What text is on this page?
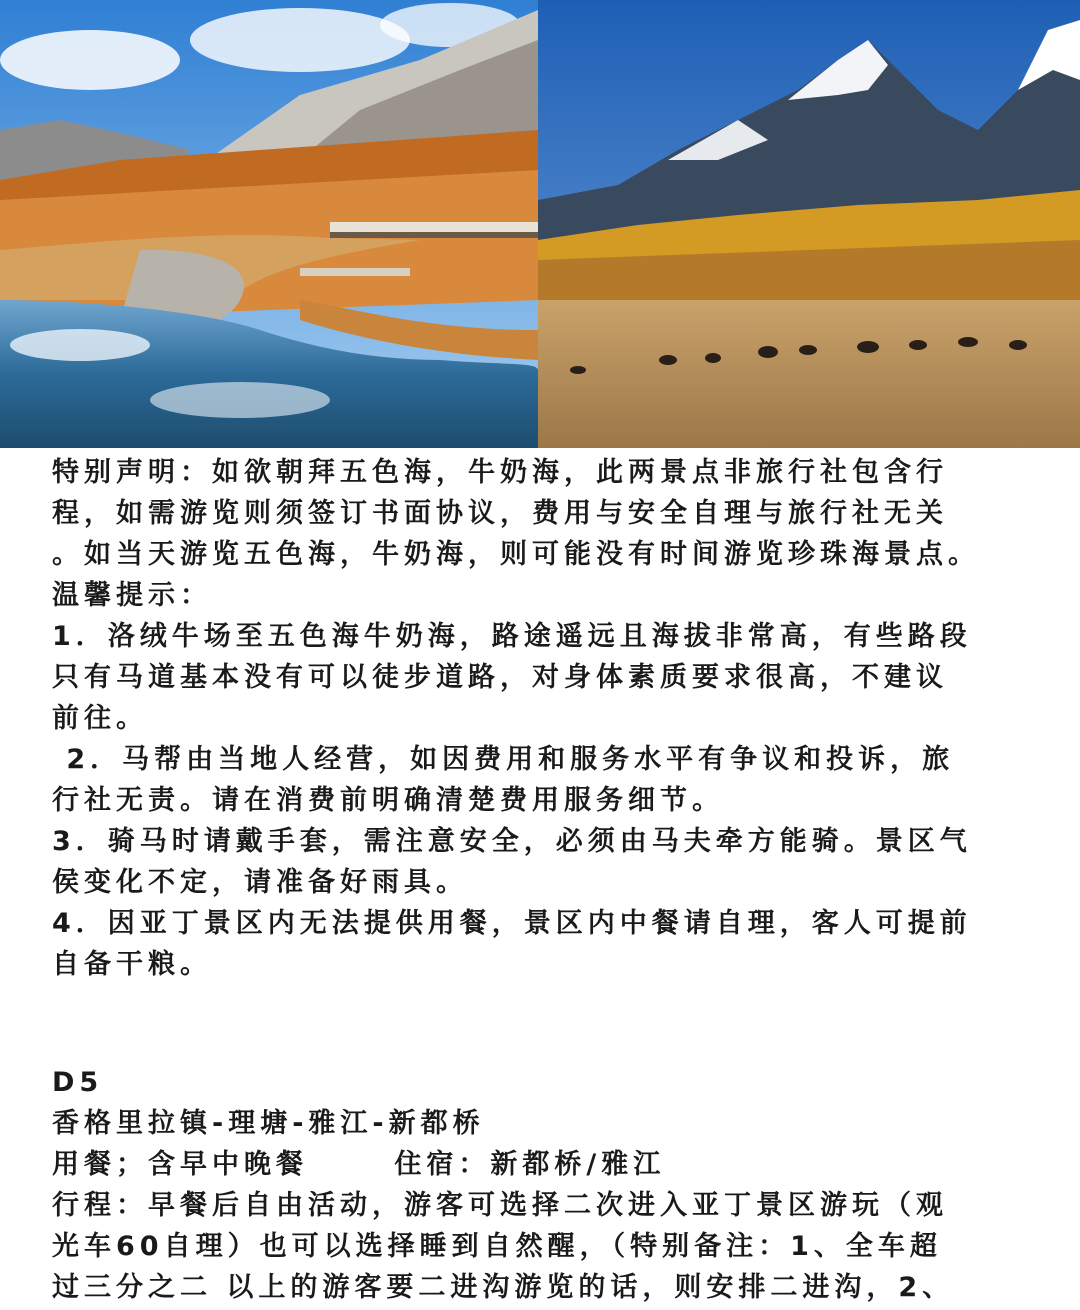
特别声明：如欲朝拜五色海，牛奶海，此两景点非旅行社包含行
程，如需游览则须签订书面协议，费用与安全自理与旅行社无关
。如当天游览五色海，牛奶海，则可能没有时间游览珍珠海景点。
温馨提示：
1．洛绒牛场至五色海牛奶海，路途遥远且海拔非常高，有些路段
只有马道基本没有可以徒步道路，对身体素质要求很高，不建议
前往。
2．马帮由当地人经营，如因费用和服务水平有争议和投诉，旅
行社无责。请在消费前明确清楚费用服务细节。
3．骑马时请戴手套，需注意安全，必须由马夫牵方能骑。景区气
侯变化不定，请准备好雨具。
4．因亚丁景区内无法提供用餐，景区内中餐请自理，客人可提前
自备干粮。
D5
香格里拉镇-理塘-雅江-新都桥
用餐；含早中晚餐      住宿：新都桥/雅江
行程：早餐后自由活动，游客可选择二次进入亚丁景区游玩（观
光车60自理）也可以选择睡到自然醒，（特别备注：1、全车超
过三分之二 以上的游客要二进沟游览的话，则安排二进沟，2、
